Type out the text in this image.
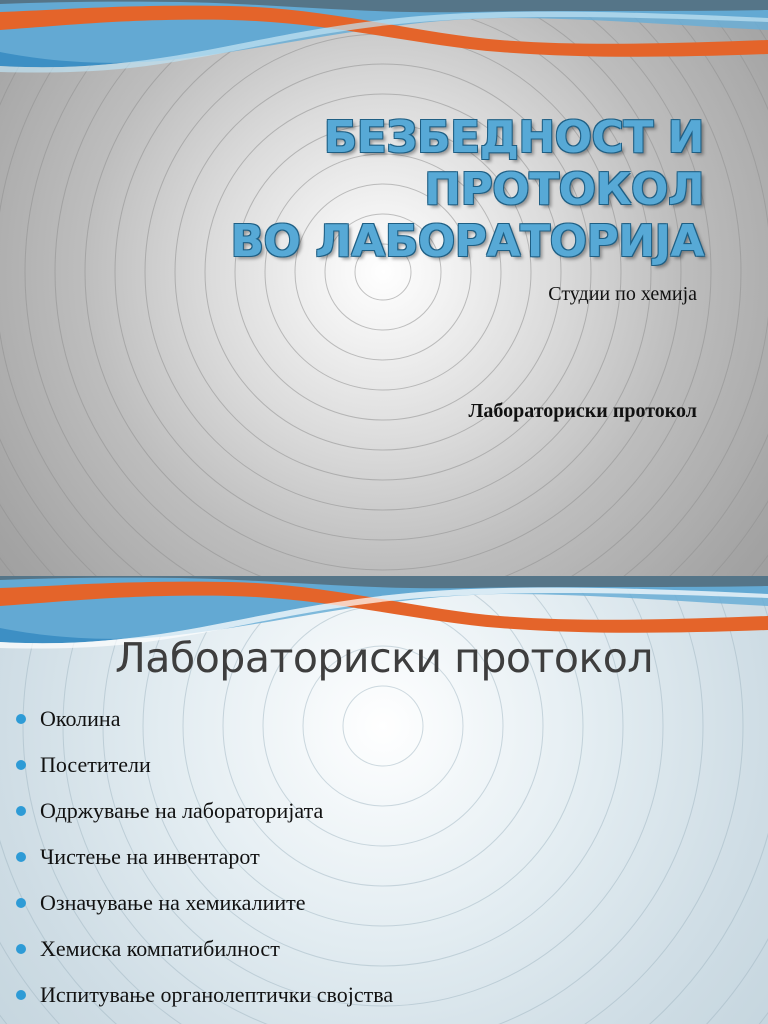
БЕЗБЕДНОСТ И ПРОТОКОЛ
ВО ЛАБОРАТОРИЈА
Студии по хемија
Лабораториски протокол
Лабораториски протокол
Околина
Посетители
Одржување на лабораторијата
Чистење на инвентарот
Означување на хемикалиите
Хемиска компатибилност
Испитување органолептички својства
